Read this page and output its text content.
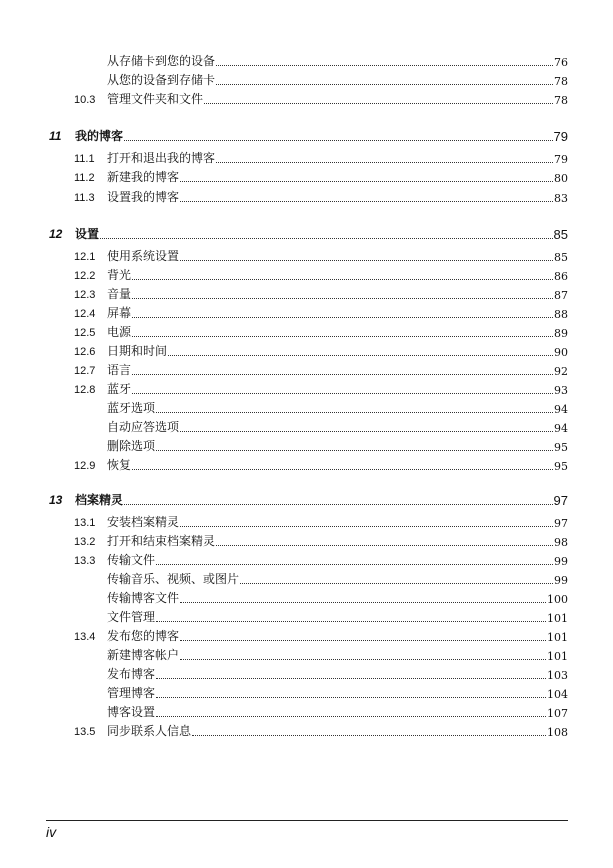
从存储卡到您的设备	76
从您的设备到存储卡	78
10.3 管理文件夹和文件	78
11 我的博客	79
11.1 打开和退出我的博客	79
11.2 新建我的博客	80
11.3 设置我的博客	83
12 设置	85
12.1 使用系统设置	85
12.2 背光	86
12.3 音量	87
12.4 屏幕	88
12.5 电源	89
12.6 日期和时间	90
12.7 语言	92
12.8 蓝牙	93
蓝牙选项	94
自动应答选项	94
删除选项	95
12.9 恢复	95
13 档案精灵	97
13.1 安装档案精灵	97
13.2 打开和结束档案精灵	98
13.3 传输文件	99
传输音乐、视频、或图片	99
传输博客文件	100
文件管理	101
13.4 发布您的博客	101
新建博客帐户	101
发布博客	103
管理博客	104
博客设置	107
13.5 同步联系人信息	108
iv
